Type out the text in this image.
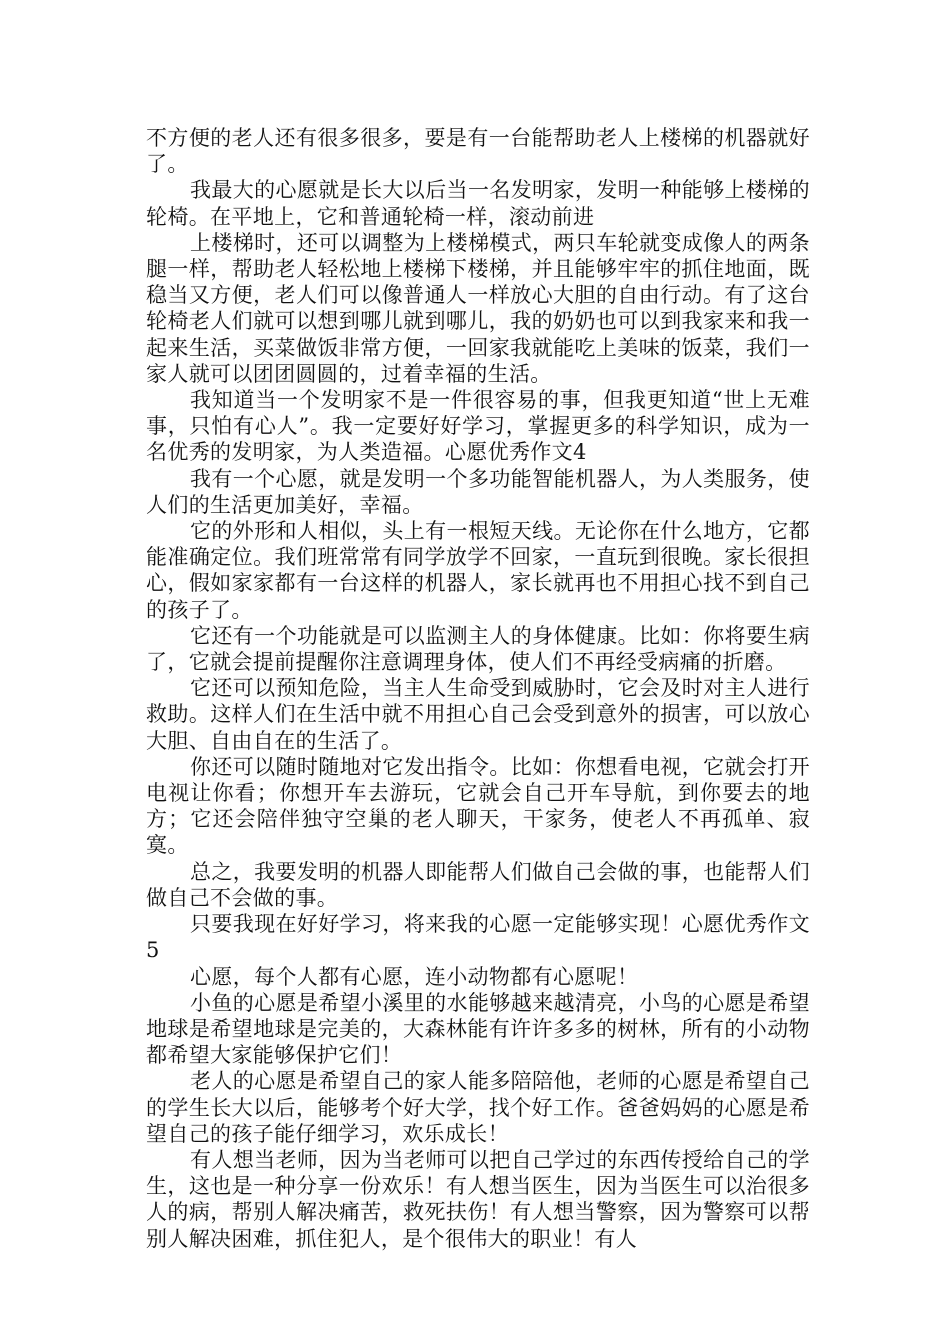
不方便的老人还有很多很多，要是有一台能帮助老人上楼梯的机器就好了。

我最大的心愿就是长大以后当一名发明家，发明一种能够上楼梯的轮椅。在平地上，它和普通轮椅一样，滚动前进

上楼梯时，还可以调整为上楼梯模式，两只车轮就变成像人的两条腿一样，帮助老人轻松地上楼梯下楼梯，并且能够牢牢的抓住地面，既稳当又方便，老人们可以像普通人一样放心大胆的自由行动。有了这台轮椅老人们就可以想到哪儿就到哪儿，我的奶奶也可以到我家来和我一起来生活，买菜做饭非常方便，一回家我就能吃上美味的饭菜，我们一家人就可以团团圆圆的，过着幸福的生活。

我知道当一个发明家不是一件很容易的事，但我更知道“世上无难事，只怕有心人”。我一定要好好学习，掌握更多的科学知识，成为一名优秀的发明家，为人类造福。心愿优秀作文4

我有一个心愿，就是发明一个多功能智能机器人，为人类服务，使人们的生活更加美好，幸福。

它的外形和人相似，头上有一根短天线。无论你在什么地方，它都能准确定位。我们班常常有同学放学不回家，一直玩到很晚。家长很担心，假如家家都有一台这样的机器人，家长就再也不用担心找不到自己的孩子了。

它还有一个功能就是可以监测主人的身体健康。比如：你将要生病了，它就会提前提醒你注意调理身体，使人们不再经受病痛的折磨。

它还可以预知危险，当主人生命受到威胁时，它会及时对主人进行救助。这样人们在生活中就不用担心自己会受到意外的损害，可以放心大胆、自由自在的生活了。

你还可以随时随地对它发出指令。比如：你想看电视，它就会打开电视让你看；你想开车去游玩，它就会自己开车导航，到你要去的地方；它还会陪伴独守空巢的老人聊天，干家务，使老人不再孤单、寂寞。

总之，我要发明的机器人即能帮人们做自己会做的事，也能帮人们做自己不会做的事。

只要我现在好好学习，将来我的心愿一定能够实现！心愿优秀作文5

心愿，每个人都有心愿，连小动物都有心愿呢！

小鱼的心愿是希望小溪里的水能够越来越清亮，小鸟的心愿是希望地球是希望地球是完美的，大森林能有许许多多的树林，所有的小动物都希望大家能够保护它们！

老人的心愿是希望自己的家人能多陪陪他，老师的心愿是希望自己的学生长大以后，能够考个好大学，找个好工作。爸爸妈妈的心愿是希望自己的孩子能仔细学习，欢乐成长！

有人想当老师，因为当老师可以把自己学过的东西传授给自己的学生，这也是一种分享一份欢乐！有人想当医生，因为当医生可以治很多人的病，帮别人解决痛苦，救死扶伤！有人想当警察，因为警察可以帮别人解决困难，抓住犯人，是个很伟大的职业！有人
